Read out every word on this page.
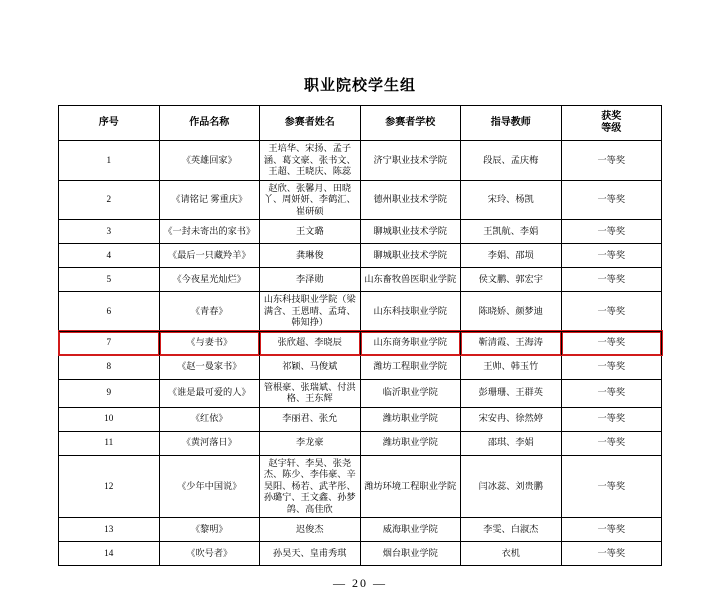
职业院校学生组
序号	作品名称	参赛者姓名	参赛者学校	指导教师	获奖
等级

1	《英雄回家》	王培华、宋扬、孟子涵、葛文豪、张书文、王超、王晓庆、陈蕊	济宁职业技术学院	段辰、孟庆梅	一等奖
2	《请铭记 雾重庆》	赵欣、张馨月、田晓丫、周妍妍、李鹤汇、崔研硕	德州职业技术学院	宋玲、杨凯	一等奖
3	《一封未寄出的家书》	王文璐	聊城职业技术学院	王凯航、李娟	一等奖
4	《最后一只藏羚羊》	龚琳俊	聊城职业技术学院	李娟、邵埙	一等奖
5	《今夜星光灿烂》	李泽勋	山东畜牧兽医职业学院	侯文鹏、郭宏宇	一等奖
6	《青春》	山东科技职业学院（梁满含、王恩晴、孟琦、韩知挣）	山东科技职业学院	陈晓娇、颜梦迪	一等奖
7	《与妻书》	张欣超、李晓辰	山东商务职业学院	靳清霞、王海涛	一等奖
8	《赵一曼家书》	祁颖、马俊斌	潍坊工程职业学院	王帅、韩玉竹	一等奖
9	《谁是最可爱的人》	管根豪、张瑞斌、付洪格、王东辉	临沂职业学院	彭珊珊、王群英	一等奖
10	《红依》	李丽君、张允	潍坊职业学院	宋安冉、徐然婷	一等奖
11	《黄河落日》	李龙豪	潍坊职业学院	邵琪、李娟	一等奖
12	《少年中国说》	赵宇轩、李昊、张尧杰、陈少、李伟豪、辛昊阳、杨若、武芊彤、孙璐宁、王文鑫、孙梦鸽、高佳欣	潍坊环境工程职业学院	闫冰蕊、刘贵鹏	一等奖
13	《黎明》	迟俊杰	威海职业学院	李雯、白淑杰	一等奖
14	《吹号者》	孙昊天、皇甫秀琪	烟台职业学院	衣机	一等奖
— 20 —
